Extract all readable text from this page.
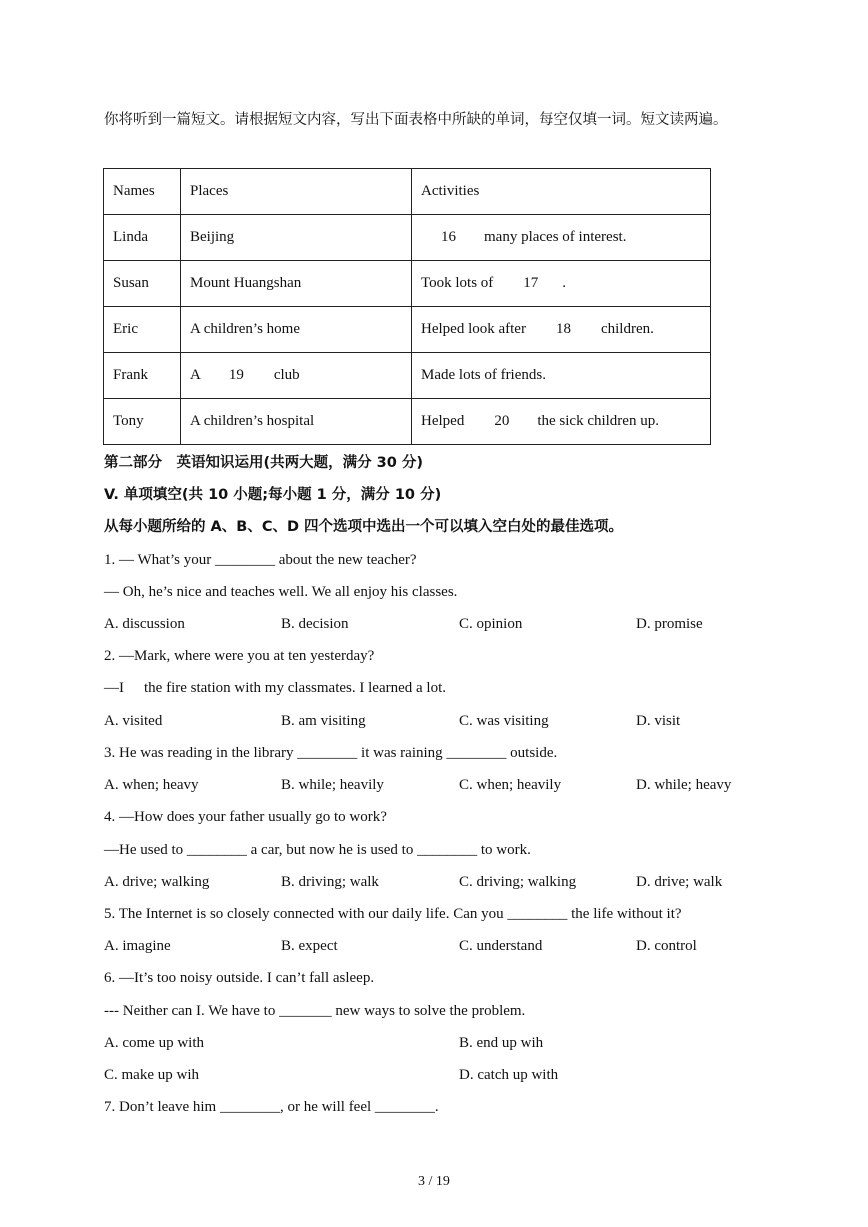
你将听到一篇短文。请根据短文内容，写出下面表格中所缺的单词，每空仅填一词。短文读两遍。
Names	Places	Activities
Linda	Beijing	16 many places of interest.
Susan	Mount Huangshan	Took lots of 17 .
Eric	A children’s home	Helped look after 18 children.
Frank	A 19 club	Made lots of friends.
Tony	A children’s hospital	Helped 20 the sick children up.
第二部分　英语知识运用(共两大题，满分 30 分)
V. 单项填空(共 10 小题;每小题 1 分，满分 10 分)
从每小题所给的 A、B、C、D 四个选项中选出一个可以填入空白处的最佳选项。
1. — What’s your ________ about the new teacher?
— Oh, he’s nice and teaches well. We all enjoy his classes.
A. discussion	B. decision	C. opinion	D. promise
2. —Mark, where were you at ten yesterday?
—I the fire station with my classmates. I learned a lot.
A. visited	B. am visiting	C. was visiting	D. visit
3. He was reading in the library ________ it was raining ________ outside.
A. when; heavy	B. while; heavily	C. when; heavily	D. while; heavy
4. —How does your father usually go to work?
—He used to ________ a car, but now he is used to ________ to work.
A. drive; walking	B. driving; walk	C. driving; walking	D. drive; walk
5. The Internet is so closely connected with our daily life. Can you ________ the life without it?
A. imagine	B. expect	C. understand	D. control
6. —It’s too noisy outside. I can’t fall asleep.
--- Neither can I. We have to _______ new ways to solve the problem.
A. come up with	B. end up wih
C. make up wih	D. catch up with
7. Don’t leave him ________, or he will feel ________.
3 / 19
